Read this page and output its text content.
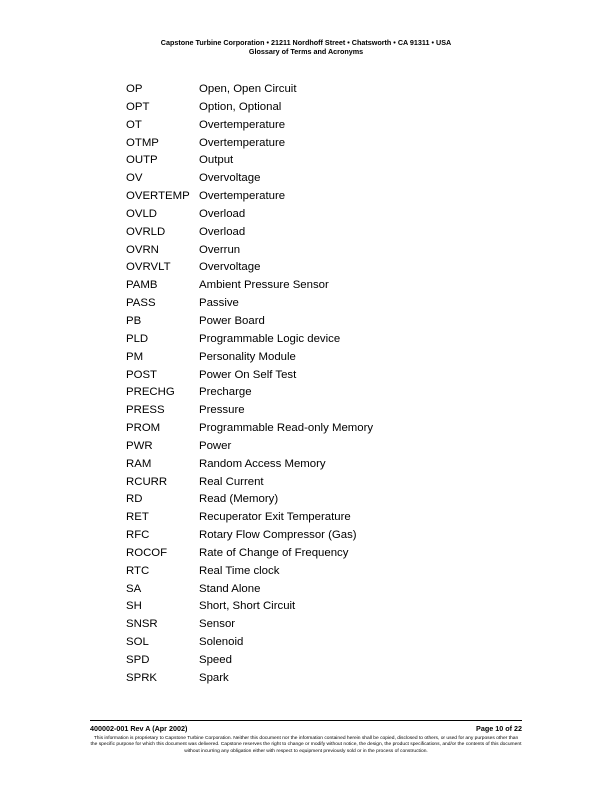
Capstone Turbine Corporation • 21211 Nordhoff Street • Chatsworth • CA 91311 • USA
Glossary of Terms and Acronyms
OP	Open, Open Circuit
OPT	Option, Optional
OT	Overtemperature
OTMP	Overtemperature
OUTP	Output
OV	Overvoltage
OVERTEMP Overtemperature
OVLD	Overload
OVRLD	Overload
OVRN	Overrun
OVRVLT Overvoltage
PAMB	Ambient Pressure Sensor
PASS	Passive
PB	Power Board
PLD	Programmable Logic device
PM	Personality Module
POST	Power On Self Test
PRECHG Precharge
PRESS	Pressure
PROM	Programmable Read-only Memory
PWR	Power
RAM	Random Access Memory
RCURR	Real Current
RD	Read (Memory)
RET	Recuperator Exit Temperature
RFC	Rotary Flow Compressor (Gas)
ROCOF	Rate of Change of Frequency
RTC	Real Time clock
SA	Stand Alone
SH	Short, Short Circuit
SNSR	Sensor
SOL	Solenoid
SPD	Speed
SPRK	Spark
400002-001 Rev A (Apr 2002)	Page 10 of 22
This information is proprietary to Capstone Turbine Corporation. Neither this document nor the information contained herein shall be copied, disclosed to others, or used for any purposes other than the specific purpose for which this document was delivered. Capstone reserves the right to change or modify without notice, the design, the product specifications, and/or the contents of this document without incurring any obligation either with respect to equipment previously sold or in the process of construction.
